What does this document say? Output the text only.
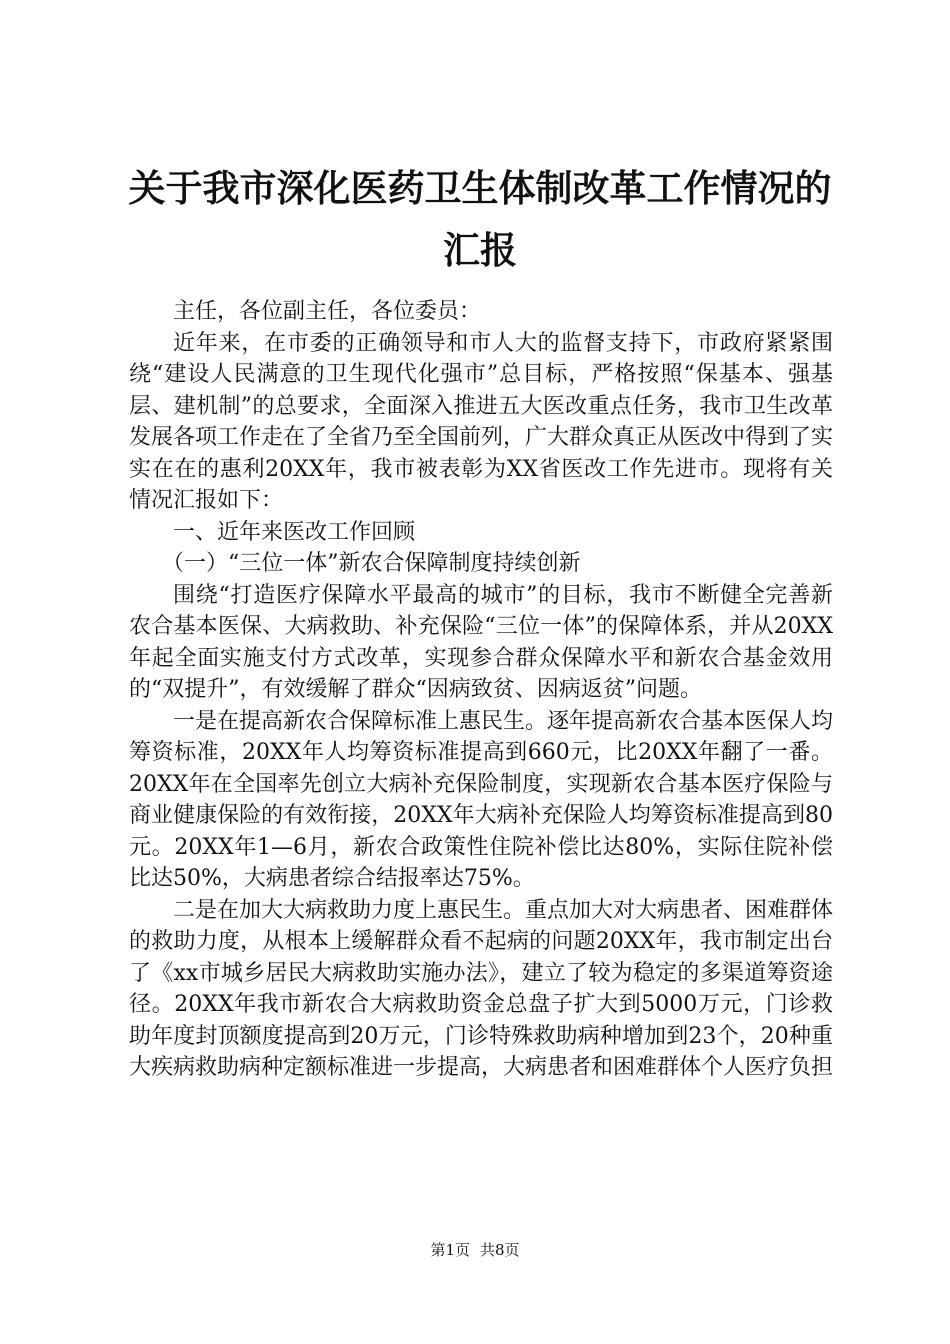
关于我市深化医药卫生体制改革工作情况的汇报

主任，各位副主任，各位委员：

近年来，在市委的正确领导和市人大的监督支持下，市政府紧紧围绕“建设人民满意的卫生现代化强市”总目标，严格按照“保基本、强基层、建机制”的总要求，全面深入推进五大医改重点任务，我市卫生改革发展各项工作走在了全省乃至全国前列，广大群众真正从医改中得到了实实在在的惠利20XX年，我市被表彰为XX省医改工作先进市。现将有关情况汇报如下：

一、近年来医改工作回顾

（一）“三位一体”新农合保障制度持续创新

围绕“打造医疗保障水平最高的城市”的目标，我市不断健全完善新农合基本医保、大病救助、补充保险“三位一体”的保障体系，并从20XX年起全面实施支付方式改革，实现参合群众保障水平和新农合基金效用的“双提升”，有效缓解了群众“因病致贫、因病返贫”问题。

一是在提高新农合保障标准上惠民生。逐年提高新农合基本医保人均筹资标准，20XX年人均筹资标准提高到660元，比20XX年翻了一番。20XX年在全国率先创立大病补充保险制度，实现新农合基本医疗保险与商业健康保险的有效衔接，20XX年大病补充保险人均筹资标准提高到80元。20XX年1—6月，新农合政策性住院补偿比达80%，实际住院补偿比达50%，大病患者综合结报率达75%。

二是在加大大病救助力度上惠民生。重点加大对大病患者、困难群体的救助力度，从根本上缓解群众看不起病的问题20XX年，我市制定出台了《xx市城乡居民大病救助实施办法》，建立了较为稳定的多渠道筹资途径。20XX年我市新农合大病救助资金总盘子扩大到5000万元，门诊救助年度封顶额度提高到20万元，门诊特殊救助病种增加到23个，20种重大疾病救助病种定额标准进一步提高，大病患者和困难群体个人医疗负担

第1页 共8页
